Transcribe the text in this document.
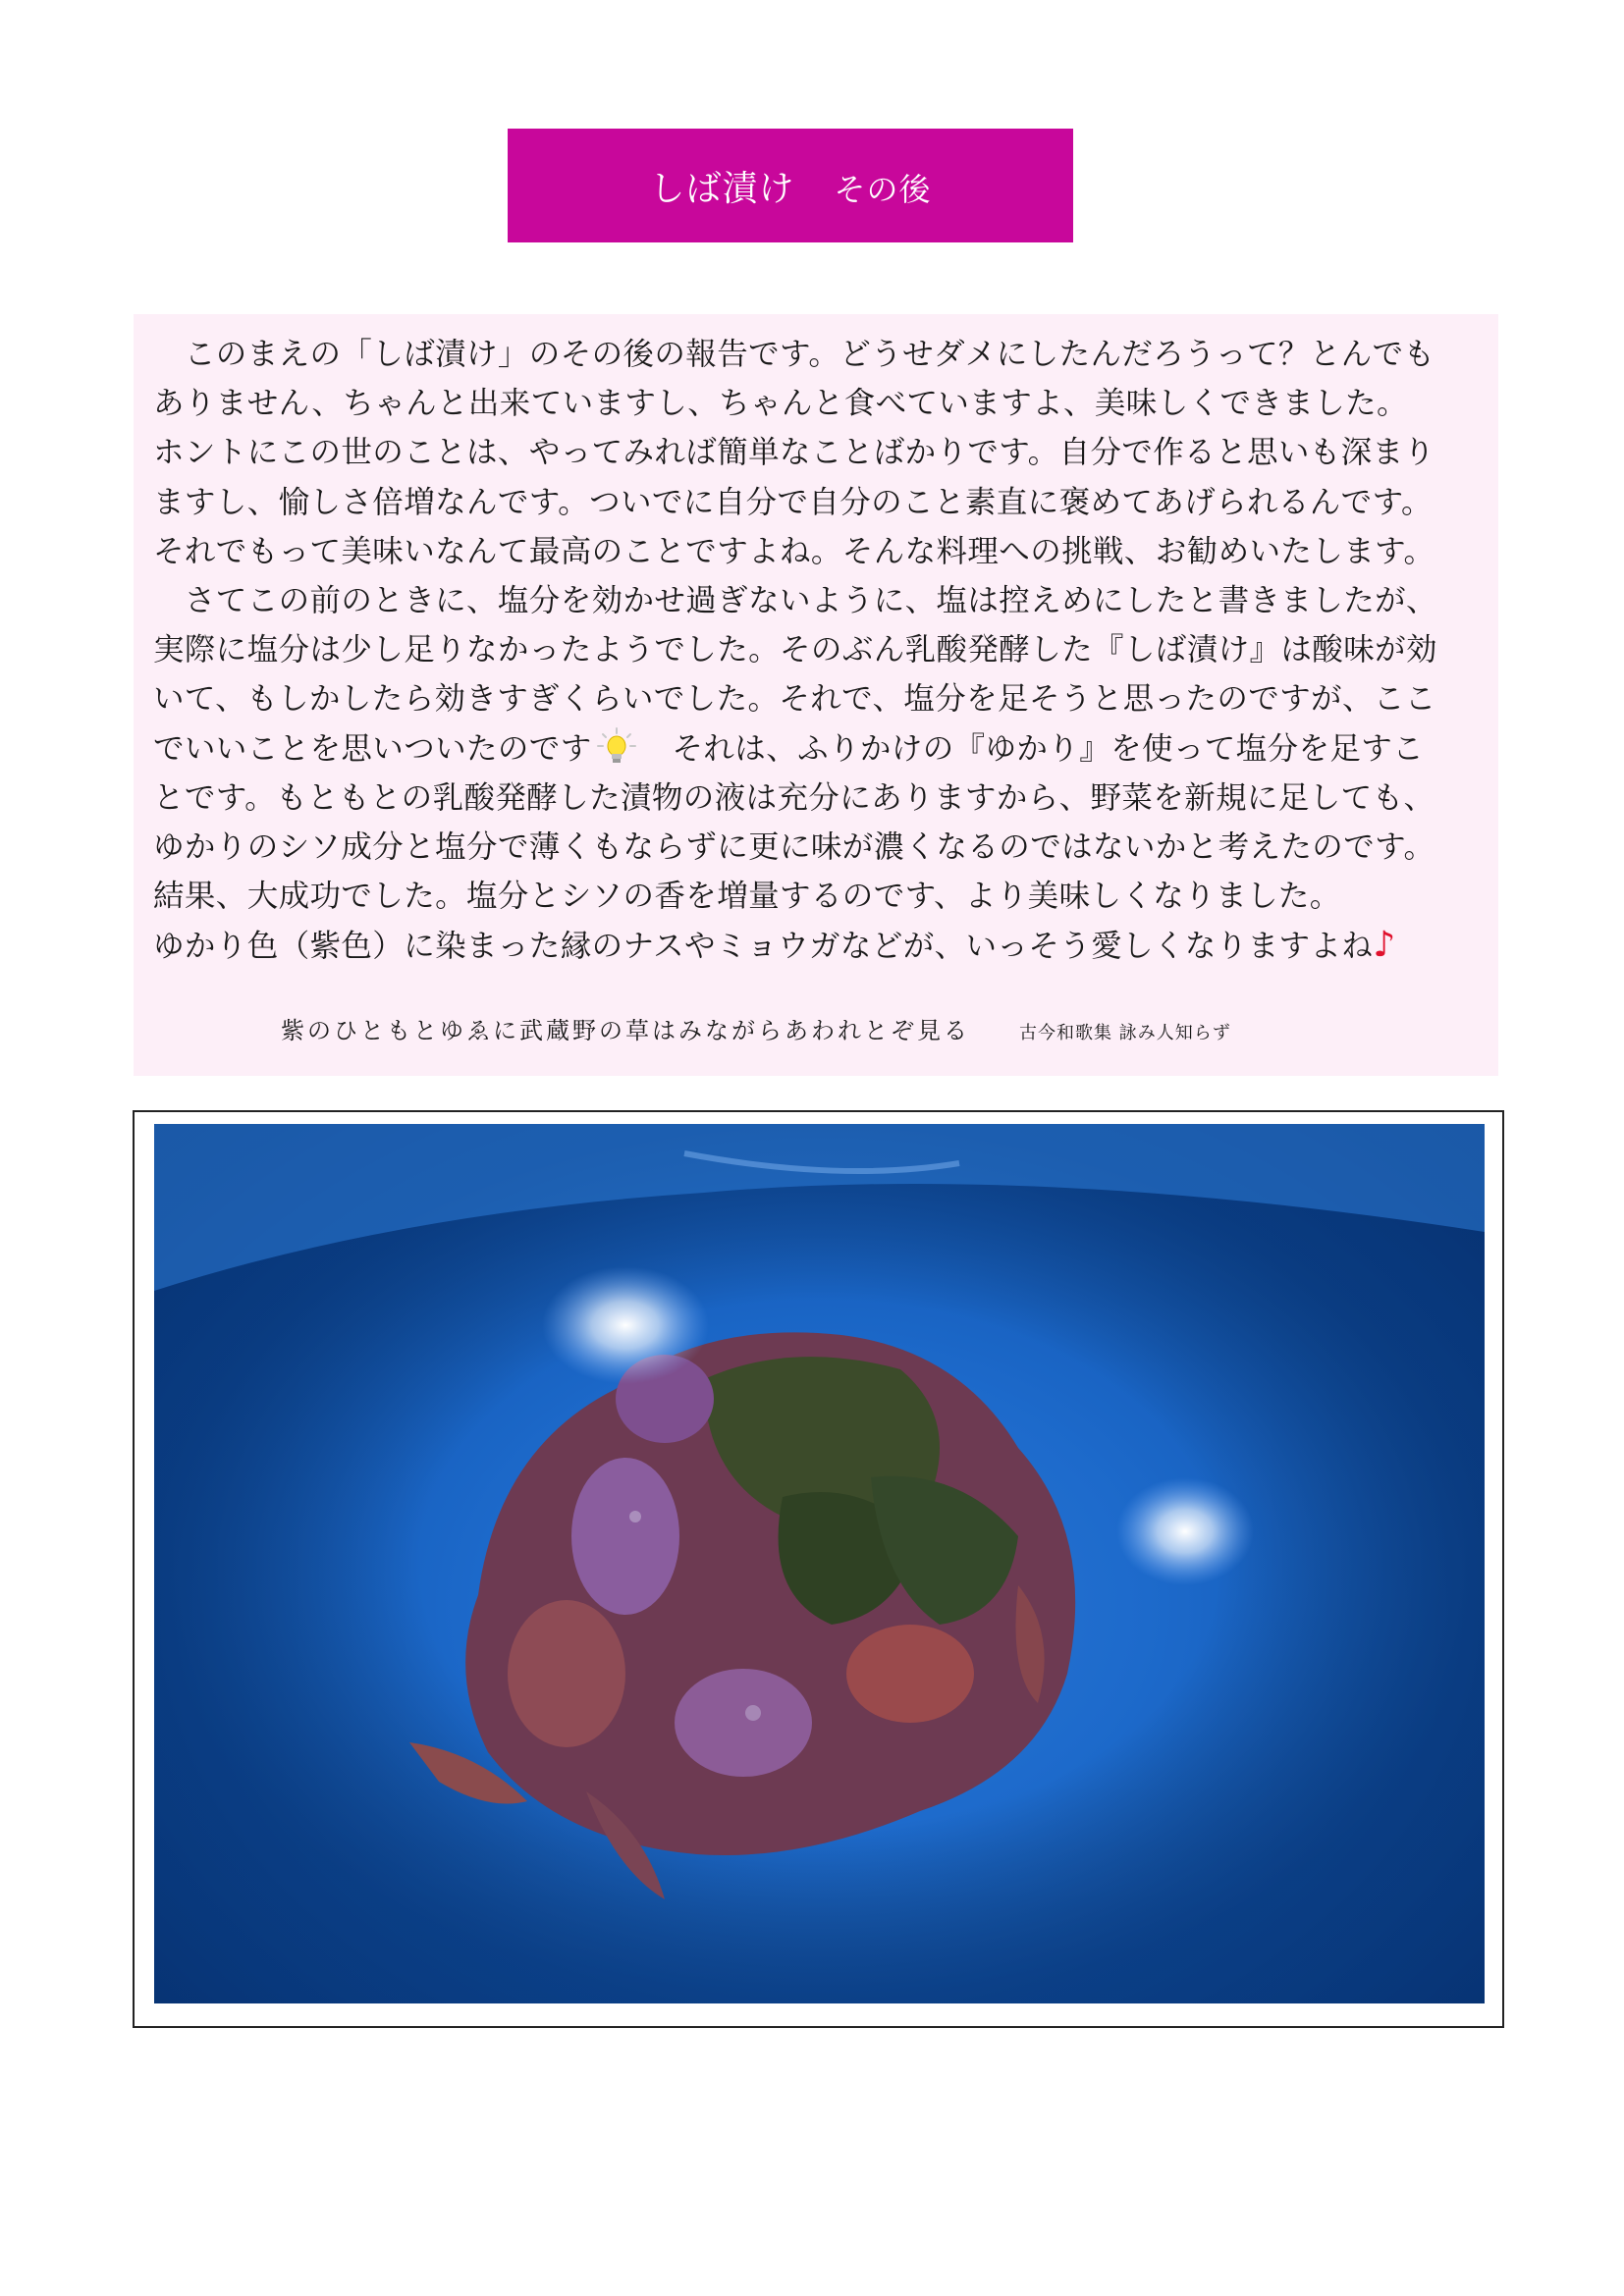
しば漬け その後

　このまえの「しば漬け」のその後の報告です。どうせダメにしたんだろうって？とんでも

ありません、ちゃんと出来ていますし、ちゃんと食べていますよ、美味しくできました。

ホントにこの世のことは、やってみれば簡単なことばかりです。自分で作ると思いも深まり

ますし、愉しさ倍増なんです。ついでに自分で自分のこと素直に褒めてあげられるんです。

それでもって美味いなんて最高のことですよね。そんな料理への挑戦、お勧めいたします。

　さてこの前のときに、塩分を効かせ過ぎないように、塩は控えめにしたと書きましたが、

実際に塩分は少し足りなかったようでした。そのぶん乳酸発酵した『しば漬け』は酸味が効

いて、もしかしたら効きすぎくらいでした。それで、塩分を足そうと思ったのですが、ここ

でいいことを思いついたのです　それは、ふりかけの『ゆかり』を使って塩分を足すこ

とです。もともとの乳酸発酵した漬物の液は充分にありますから、野菜を新規に足しても、

ゆかりのシソ成分と塩分で薄くもならずに更に味が濃くなるのではないかと考えたのです。

結果、大成功でした。塩分とシソの香を増量するのです、より美味しくなりました。

ゆかり色（紫色）に染まった縁のナスやミョウガなどが、いっそう愛しくなりますよね♪

紫のひともとゆゑに武蔵野の草はみながらあわれとぞ見る	古今和歌集 詠み人知らず
